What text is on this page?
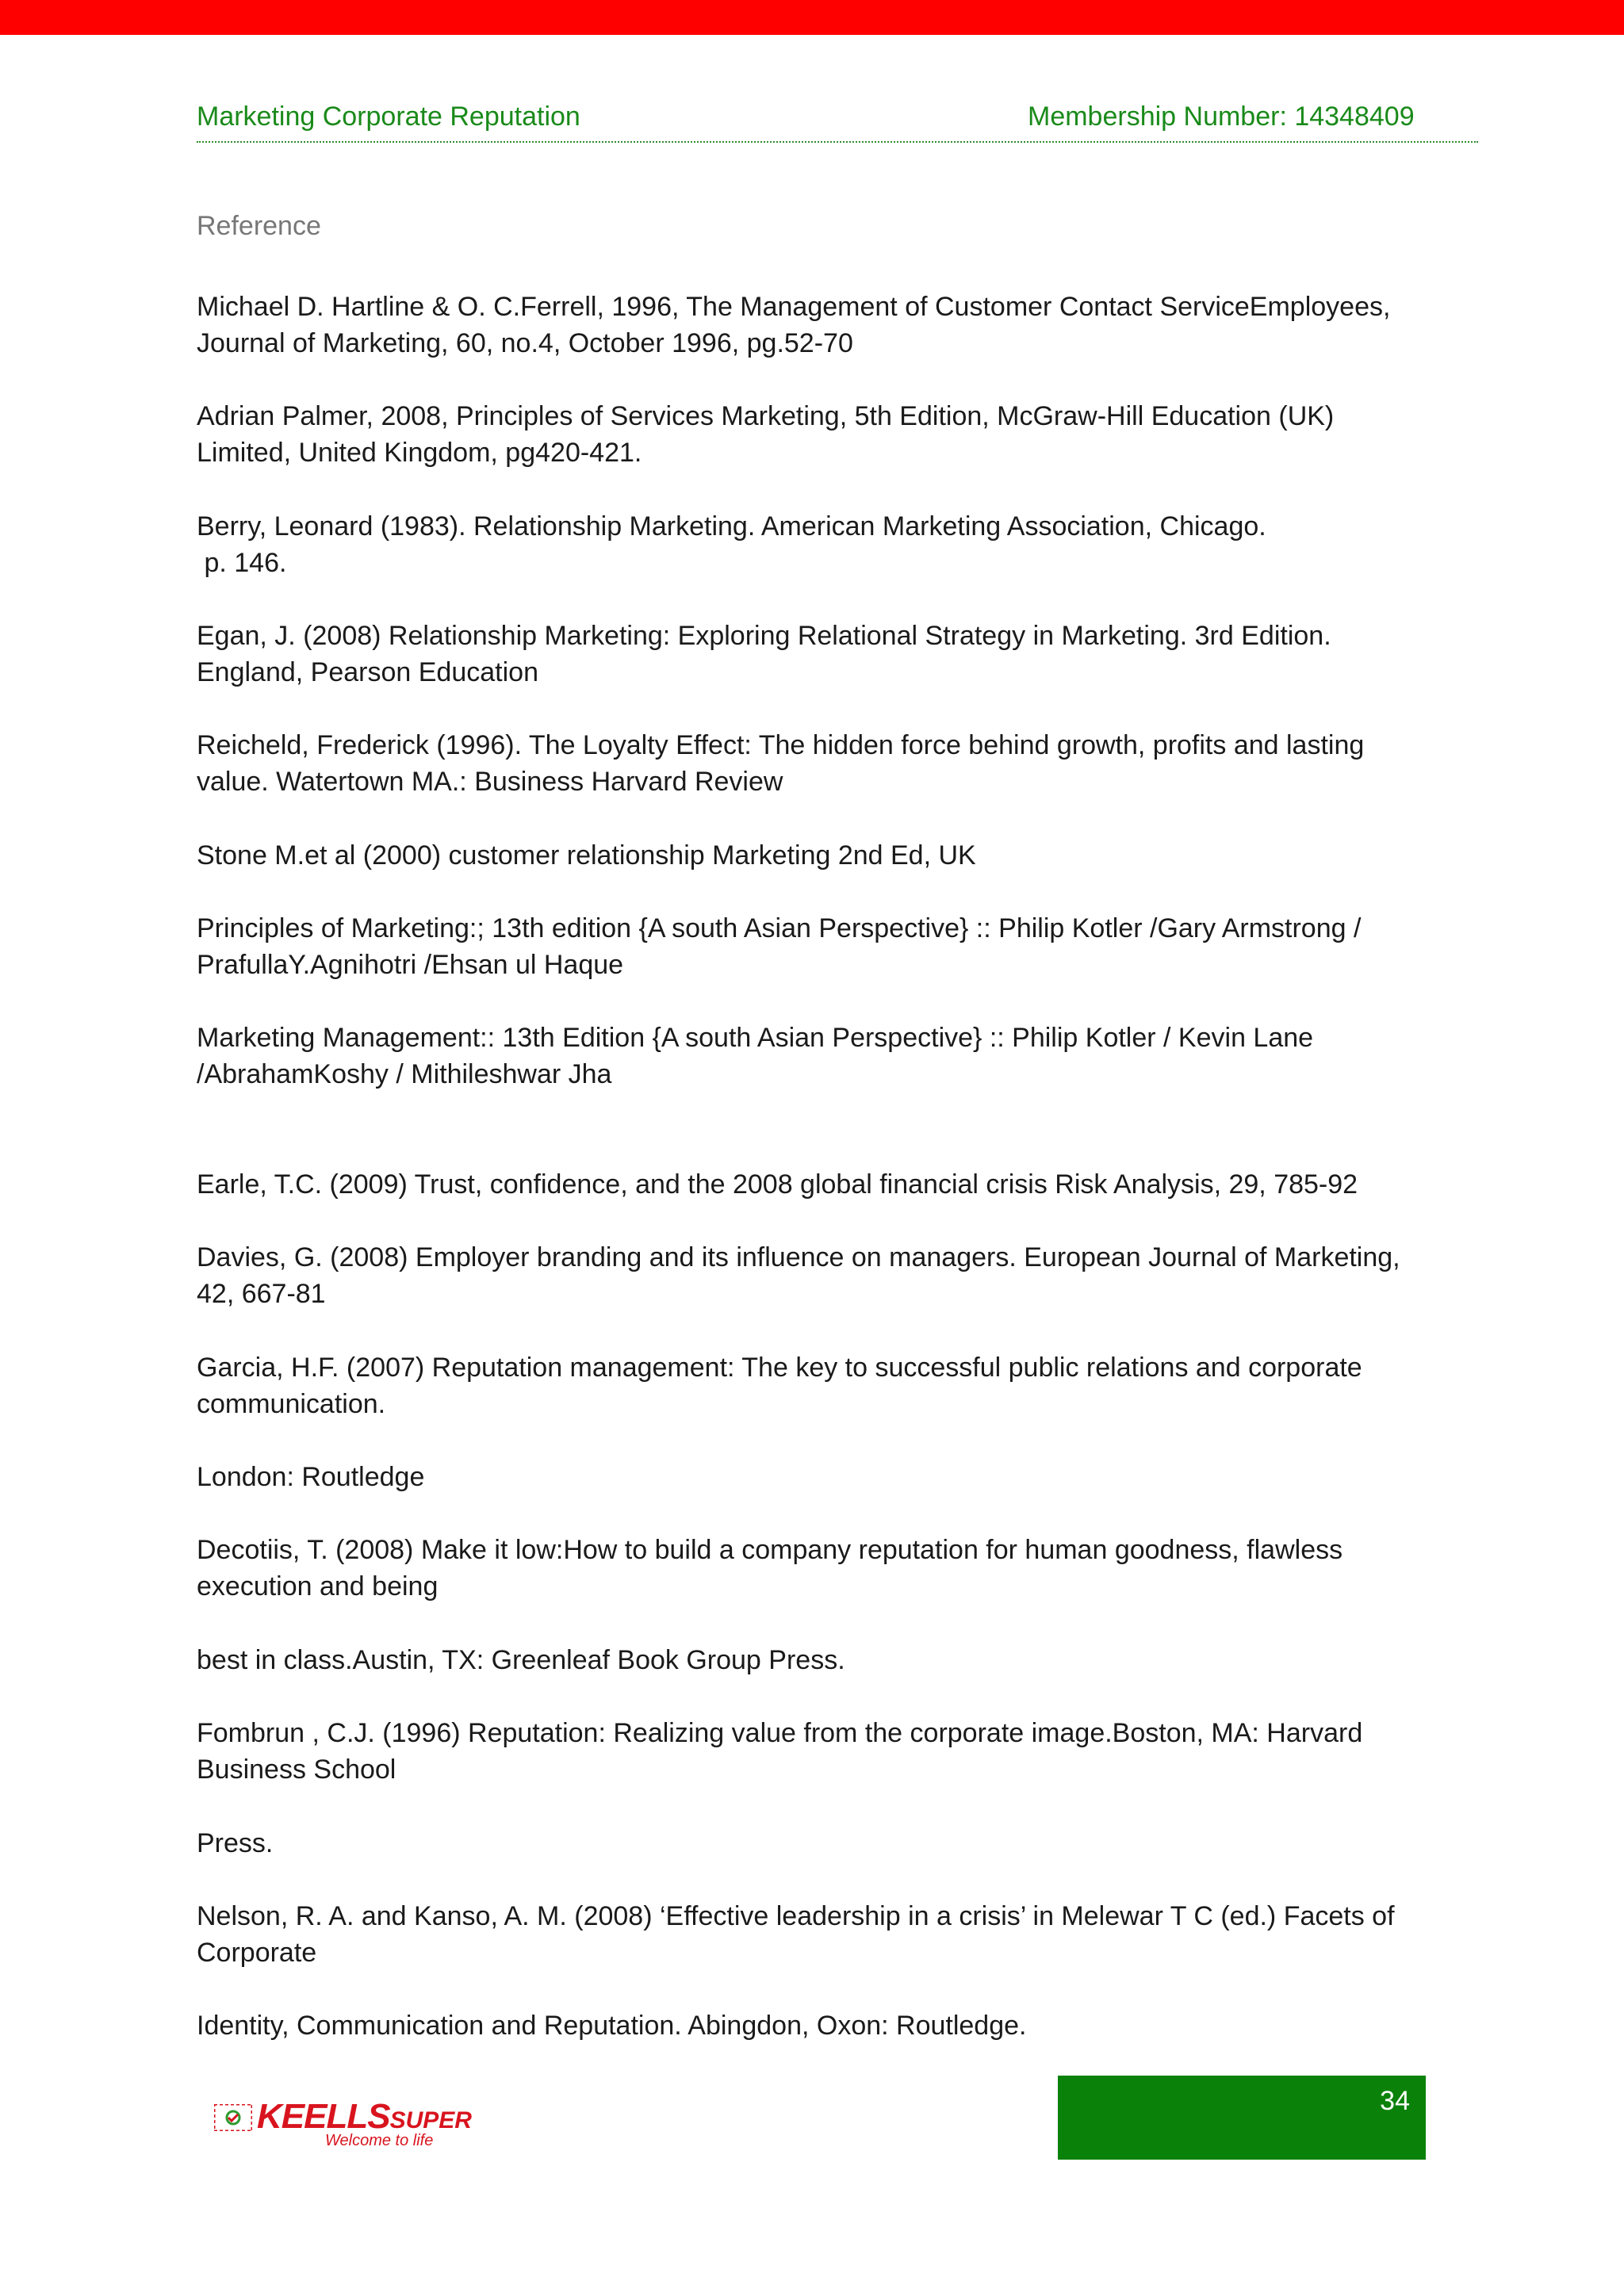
Marketing Corporate Reputation	Membership Number: 14348409
Reference
Michael D. Hartline & O. C.Ferrell, 1996, The Management of Customer Contact ServiceEmployees,
Journal of Marketing, 60, no.4, October 1996, pg.52-70
Adrian Palmer, 2008, Principles of Services Marketing, 5th Edition, McGraw-Hill Education (UK)
Limited, United Kingdom, pg420-421.
Berry, Leonard (1983). Relationship Marketing. American Marketing Association, Chicago.
p. 146.
Egan, J. (2008) Relationship Marketing: Exploring Relational Strategy in Marketing. 3rd Edition.
England, Pearson Education
Reicheld, Frederick (1996). The Loyalty Effect: The hidden force behind growth, profits and lasting
value. Watertown MA.: Business Harvard Review
Stone M.et al (2000) customer relationship Marketing 2nd Ed, UK
Principles of Marketing:; 13th edition {A south Asian Perspective} :: Philip Kotler /Gary Armstrong /
PrafullaY.Agnihotri /Ehsan ul Haque
Marketing Management:: 13th Edition {A south Asian Perspective} :: Philip Kotler / Kevin Lane
/AbrahamKoshy / Mithileshwar Jha
Earle, T.C. (2009) Trust, confidence, and the 2008 global financial crisis Risk Analysis, 29, 785-92
Davies, G. (2008) Employer branding and its influence on managers. European Journal of Marketing,
42, 667-81
Garcia, H.F. (2007) Reputation management: The key to successful public relations and corporate
communication.
London: Routledge
Decotiis, T. (2008) Make it low:How to build a company reputation for human goodness, flawless
execution and being
best in class.Austin, TX: Greenleaf Book Group Press.
Fombrun , C.J. (1996) Reputation: Realizing value from the corporate image.Boston, MA: Harvard
Business School
Press.
Nelson, R. A. and Kanso, A. M. (2008) ‘Effective leadership in a crisis’ in Melewar T C (ed.) Facets of
Corporate
Identity, Communication and Reputation. Abingdon, Oxon: Routledge.
KEELLSSUPER
Welcome to life
34
